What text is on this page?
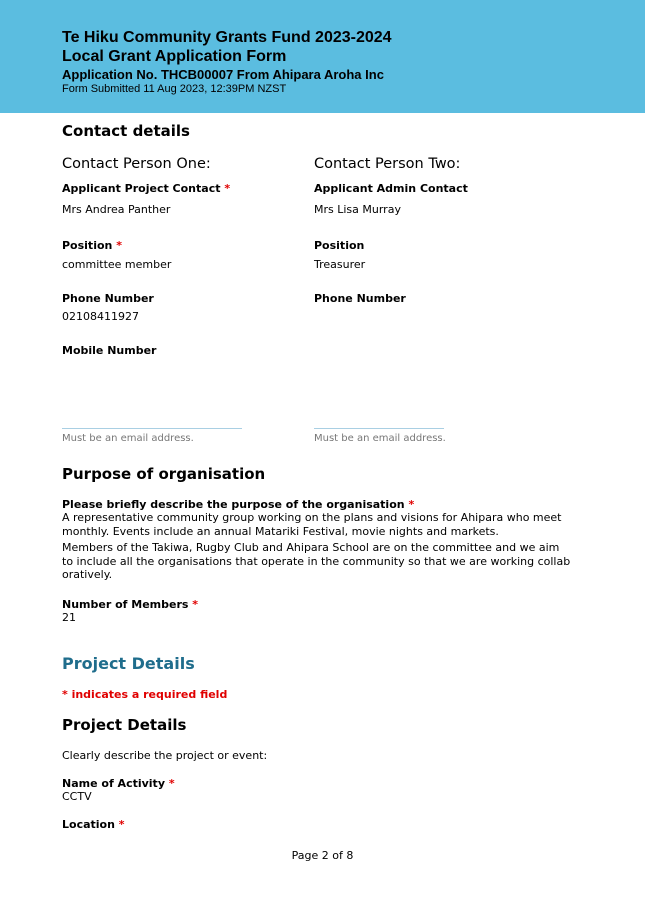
Te Hiku Community Grants Fund 2023-2024
Local Grant Application Form
Application No. THCB00007 From Ahipara Aroha Inc
Form Submitted 11 Aug 2023, 12:39PM NZST
Contact details
Contact Person One:	Contact Person Two:
Applicant Project Contact *	Applicant Admin Contact
Mrs Andrea Panther	Mrs Lisa Murray
Position *	Position
committee member	Treasurer
Phone Number	Phone Number
02108411927
Mobile Number
Must be an email address.	Must be an email address.
Purpose of organisation
Please briefly describe the purpose of the organisation *
A representative community group working on the plans and visions for Ahipara who meet monthly. Events include an annual Matariki Festival, movie nights and markets.
Members of the Takiwa, Rugby Club and Ahipara School are on the committee and we aim to include all the organisations that operate in the community so that we are working collab oratively.
Number of Members *
21
Project Details
* indicates a required field
Project Details
Clearly describe the project or event:
Name of Activity *
CCTV
Location *
Page 2 of 8
